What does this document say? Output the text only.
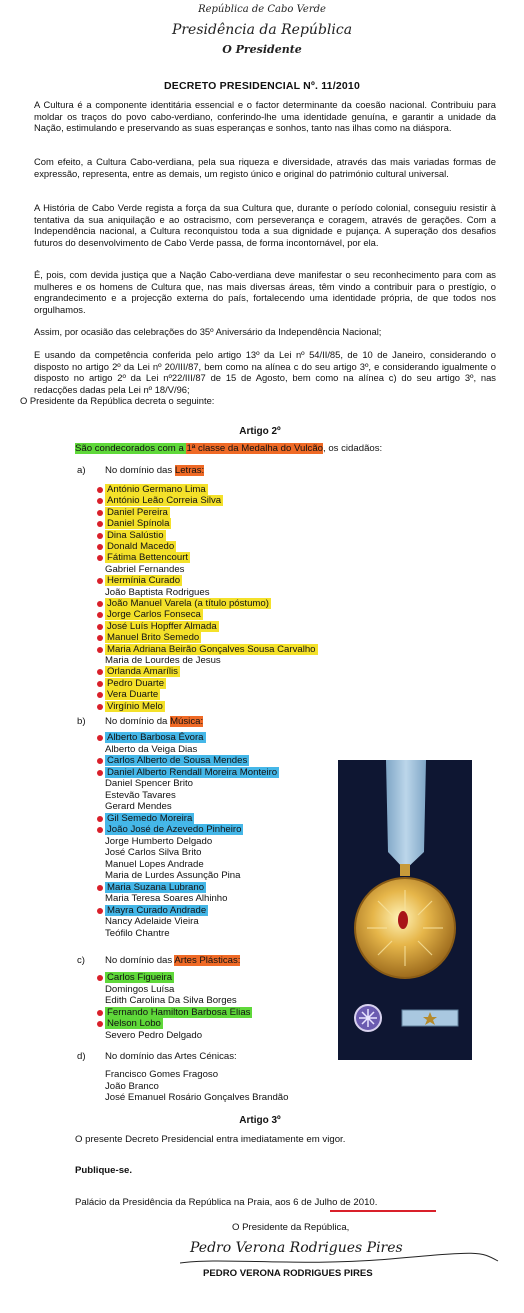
República de Cabo Verde
Presidência da República
O Presidente
DECRETO PRESIDENCIAL Nº. 11/2010
A Cultura é a componente identitária essencial e o factor determinante da coesão nacional. Contribuiu para moldar os traços do povo cabo-verdiano, conferindo-lhe uma identidade genuína, e garantir a unidade da Nação, estimulando e preservando as suas esperanças e sonhos, tanto nas ilhas como na diáspora.
Com efeito, a Cultura Cabo-verdiana, pela sua riqueza e diversidade, através das mais variadas formas de expressão, representa, entre as demais, um registo único e original do património cultural universal.
A História de Cabo Verde regista a força da sua Cultura que, durante o período colonial, conseguiu resistir à tentativa da sua aniquilação e ao ostracismo, com perseverança e coragem, através de gerações. Com a Independência nacional, a Cultura reconquistou toda a sua dignidade e pujança. A superação dos desafios futuros do desenvolvimento de Cabo Verde passa, de forma incontornável, por ela.
É, pois, com devida justiça que a Nação Cabo-verdiana deve manifestar o seu reconhecimento para com as mulheres e os homens de Cultura que, nas mais diversas áreas, têm vindo a contribuir para o prestígio, o engrandecimento e a projecção externa do país, fortalecendo uma identidade própria, de que todos nos orgulhamos.
Assim, por ocasião das celebrações do 35º Aniversário da Independência Nacional;
E usando da competência conferida pelo artigo 13º da Lei nº 54/II/85, de 10 de Janeiro, considerando o disposto no artigo 2º da Lei nº 20/III/87, bem como na alínea c do seu artigo 3º, e considerando igualmente o disposto no artigo 2º da Lei nº22/III/87 de 15 de Agosto, bem como na alínea c) do seu artigo 3º, nas redacções dadas pela Lei nº 18/V/96;
O Presidente da República decreta o seguinte:
Artigo 2º
São condecorados com a 1ª classe da Medalha do Vulcão, os cidadãos:
a) No domínio das Letras:
António Germano Lima
António Leão Correia Silva
Daniel Pereira
Daniel Spínola
Dina Salústio
Donald Macedo
Fátima Bettencourt
Gabriel Fernandes
Hermínia Curado
João Baptista Rodrigues
João Manuel Varela (a título póstumo)
Jorge Carlos Fonseca
José Luís Hopffer Almada
Manuel Brito Semedo
Maria Adriana Beirão Gonçalves Sousa Carvalho
Maria de Lourdes de Jesus
Orlanda Amarílis
Pedro Duarte
Vera Duarte
Virgínio Melo
b) No domínio da Música:
Alberto Barbosa Évora
Alberto da Veiga Dias
Carlos Alberto de Sousa Mendes
Daniel Alberto Rendall Moreira Monteiro
Daniel Spencer Brito
Estevão Tavares
Gerard Mendes
Gil Semedo Moreira
João José de Azevedo Pinheiro
Jorge Humberto Delgado
José Carlos Silva Brito
Manuel Lopes Andrade
Maria de Lurdes Assunção Pina
Maria Suzana Lubrano
Maria Teresa Soares Alhinho
Mayra Curado Andrade
Nancy Adelaide Vieira
Teófilo Chantre
c) No domínio das Artes Plásticas:
Carlos Figueira
Domingos Luísa
Edith Carolina Da Silva Borges
Fernando Hamilton Barbosa Elias
Nelson Lobo
Severo Pedro Delgado
d) No domínio das Artes Cénicas:
Francisco Gomes Fragoso
João Branco
José Emanuel Rosário Gonçalves Brandão
Artigo 3º
O presente Decreto Presidencial entra imediatamente em vigor.
Publique-se.
Palácio da Presidência da República na Praia, aos 6 de Julho de 2010.
O Presidente da República,
Pedro Verona Rodrigues Pires
PEDRO VERONA RODRIGUES PIRES
